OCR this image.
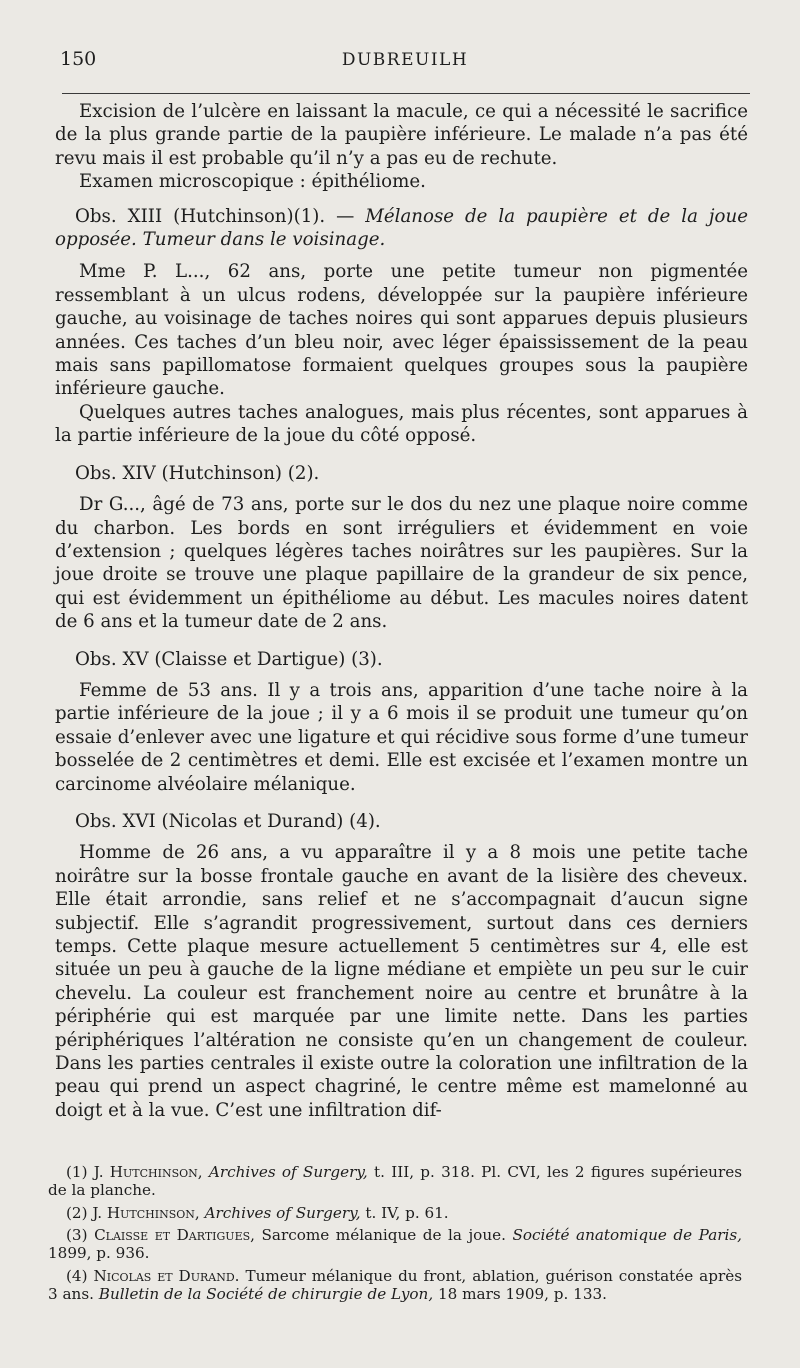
150	DUBREUILH

Excision de l’ulcère en laissant la macule, ce qui a nécessité le sacrifice de la plus grande partie de la paupière inférieure. Le malade n’a pas été revu mais il est probable qu’il n’y a pas eu de rechute.

Examen microscopique : épithéliome.

Obs. XIII (Hutchinson)(1). — Mélanose de la paupière et de la joue opposée. Tumeur dans le voisinage.

Mme P. L..., 62 ans, porte une petite tumeur non pigmentée ressemblant à un ulcus rodens, développée sur la paupière inférieure gauche, au voisinage de taches noires qui sont apparues depuis plusieurs années. Ces taches d’un bleu noir, avec léger épaississement de la peau mais sans papillomatose formaient quelques groupes sous la paupière inférieure gauche.

Quelques autres taches analogues, mais plus récentes, sont apparues à la partie inférieure de la joue du côté opposé.

Obs. XIV (Hutchinson) (2).

Dr G..., âgé de 73 ans, porte sur le dos du nez une plaque noire comme du charbon. Les bords en sont irréguliers et évidemment en voie d’extension ; quelques légères taches noirâtres sur les paupières. Sur la joue droite se trouve une plaque papillaire de la grandeur de six pence, qui est évidemment un épithéliome au début. Les macules noires datent de 6 ans et la tumeur date de 2 ans.

Obs. XV (Claisse et Dartigue) (3).

Femme de 53 ans. Il y a trois ans, apparition d’une tache noire à la partie inférieure de la joue ; il y a 6 mois il se produit une tumeur qu’on essaie d’enlever avec une ligature et qui récidive sous forme d’une tumeur bosselée de 2 centimètres et demi. Elle est excisée et l’examen montre un carcinome alvéolaire mélanique.

Obs. XVI (Nicolas et Durand) (4).

Homme de 26 ans, a vu apparaître il y a 8 mois une petite tache noirâtre sur la bosse frontale gauche en avant de la lisière des cheveux. Elle était arrondie, sans relief et ne s’accompagnait d’aucun signe subjectif. Elle s’agrandit progressivement, surtout dans ces derniers temps. Cette plaque mesure actuellement 5 centimètres sur 4, elle est située un peu à gauche de la ligne médiane et empiète un peu sur le cuir chevelu. La couleur est franchement noire au centre et brunâtre à la périphérie qui est marquée par une limite nette. Dans les parties périphériques l’altération ne consiste qu’en un changement de couleur. Dans les parties centrales il existe outre la coloration une infiltration de la peau qui prend un aspect chagriné, le centre même est mamelonné au doigt et à la vue. C’est une infiltration dif-

(1) J. Hutchinson, Archives of Surgery, t. III, p. 318. Pl. CVI, les 2 figures supérieures de la planche.

(2) J. Hutchinson, Archives of Surgery, t. IV, p. 61.

(3) Claisse et Dartigues, Sarcome mélanique de la joue. Société anatomique de Paris, 1899, p. 936.

(4) Nicolas et Durand. Tumeur mélanique du front, ablation, guérison constatée après 3 ans. Bulletin de la Société de chirurgie de Lyon, 18 mars 1909, p. 133.
